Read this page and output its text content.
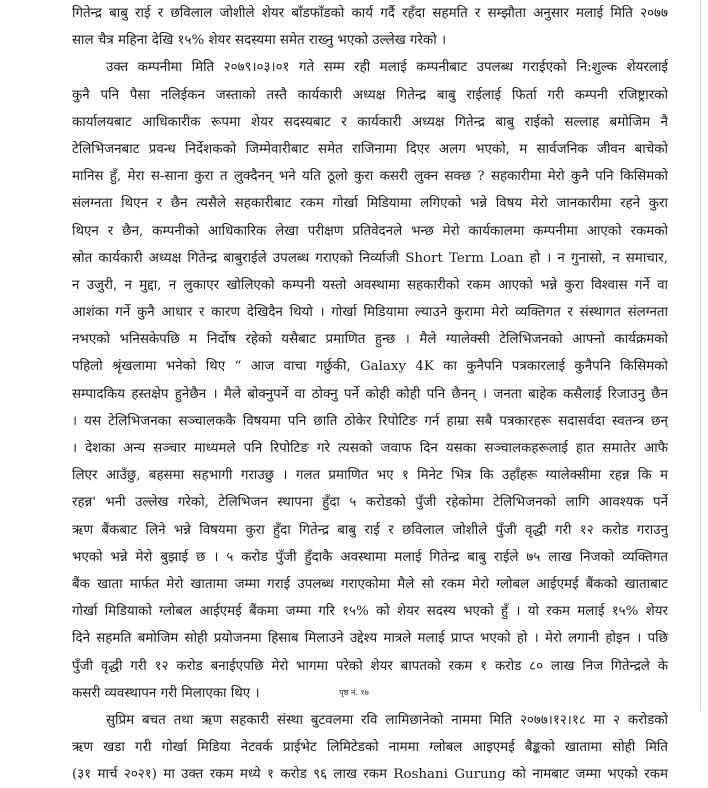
गितेन्द्र बाबु राई र छविलाल जोशीले शेयर बाँडफाँडको कार्य गर्दै रहँदा सहमति र सम्झौता अनुसार मलाई मिति २०७७
साल चैत्र महिना देखि १५% शेयर सदस्यमा समेत राख्नु भएको उल्लेख गरेको ।
उक्त कम्पनीमा मिति २०७९।०३।०१ गते सम्म रही मलाई कम्पनीबाट उपलब्ध गराईएको नि:शुल्क शेयरलाई
कुनै पनि पैसा नलिईकन जस्ताको तस्तै कार्यकारी अध्यक्ष गितेन्द्र बाबु राईलाई फिर्ता गरी कम्पनी रजिष्ट्रारको
कार्यालयबाट आधिकारीक रूपमा शेयर सदस्यबाट र कार्यकारी अध्यक्ष गितेन्द्र बाबु राईको सल्लाह बमोजिम नै
टेलिभिजनबाट प्रवन्ध निर्देशकको जिम्मेवारीबाट समेत राजिनामा दिएर अलग भएको, म सार्वजनिक जीवन बाचेको
मानिस हुँ, मेरा स-साना कुरा त लुक्दैनन् भने यति ठूलो कुरा कसरी लुक्न सक्छ ? सहकारीमा मेरो कुनै पनि किसिमको
संलग्नता थिएन र छैन त्यसैले सहकारीबाट रकम गोर्खा मिडियामा लगिएको भन्ने विषय मेरो जानकारीमा रहने कुरा
थिएन र छैन, कम्पनीको आधिकारिक लेखा परीक्षण प्रतिवेदनले भन्छ मेरो कार्यकालमा कम्पनीमा आएको रकमको
स्रोत कार्यकारी अध्यक्ष गितेन्द्र बाबुराईले उपलब्ध गराएको निर्व्याजी Short Term Loan हो । न गुनासो, न समाचार,
न उजुरी, न मुद्दा, न लुकाएर खोलिएको कम्पनी यस्तो अवस्थामा सहकारीको रकम आएको भन्ने कुरा विश्वास गर्ने वा
आशंका गर्ने कुनै आधार र कारण देखिदैन थियो । गोर्खा मिडियामा ल्याउने कुरामा मेरो व्यक्तिगत र संस्थागत संलग्नता
नभएको भनिसकेपछि म निर्दोष रहेको यसैबाट प्रमाणित हुन्छ । मैले ग्यालेक्सी टेलिभिजनको आफ्नो कार्यक्रमको
पहिलो श्रृंखलामा भनेको थिए “ आज वाचा गर्छुकी, Galaxy 4K का कुनैपनि पत्रकारलाई कुनैपनि किसिमको
सम्पादकिय हस्तक्षेप हुनेछैन । मैले बोक्नुपर्ने वा ठोक्नु पर्ने कोही कोही पनि छैनन् । जनता बाहेक कसैलाई रिजाउनु छैन
। यस टेलिभिजनका सञ्चालककै विषयमा पनि छाति ठोकेर रिपोटिङ गर्न हाम्रा सबै पत्रकारहरू सदासर्वदा स्वतन्त्र छन्
। देशका अन्य सञ्चार माध्यमले पनि रिपोटिङ गरे त्यसको जवाफ दिन यसका सञ्चालकहरूलाई हात समातेर आफै
लिएर आउँछु, बहसमा सहभागी गराउछु । गलत प्रमाणित भए १ मिनेट भित्र कि उहाँहरू ग्यालेक्सीमा रहन्न कि म
रहन्न' भनी उल्लेख गरेको, टेलिभिजन स्थापना हुँदा ५ करोडको पुँजी रहेकोमा टेलिभिजनको लागि आवश्यक पर्ने
ऋण बैंकबाट लिने भन्ने विषयमा कुरा हुँदा गितेन्द्र बाबु राई र छविलाल जोशीले पुँजी वृद्धी गरी १२ करोड गराउनु
भएको भन्ने मेरो बुझाई छ । ५ करोड पुँजी हुँदाकै अवस्थामा मलाई गितेन्द्र बाबु राईले ७५ लाख निजको व्यक्तिगत
बैंक खाता मार्फत मेरो खातामा जम्मा गराई उपलब्ध गराएकोमा मैले सो रकम मेरो ग्लोबल आईएमई बैंकको खाताबाट
गोर्खा मिडियाको ग्लोबल आईएमई बैंकमा जम्मा गरि १५% को शेयर सदस्य भएको हुँ । यो रकम मलाई १५% शेयर
दिने सहमति बमोजिम सोही प्रयोजनमा हिसाब मिलाउने उद्देश्य मात्रले मलाई प्राप्त भएको हो । मेरो लगानी होइन । पछि
पुँजी वृद्धी गरी १२ करोड बनाईएपछि मेरो भागमा परेको शेयर बापतको रकम १ करोड ८० लाख निज गितेन्द्रले के
कसरी व्यवस्थापन गरी मिलाएका थिए ।
सुप्रिम बचत तथा ऋण सहकारी संस्था बुटवलमा रवि लामिछानेको नाममा मिति २०७७।१२।१८ मा २ करोडको
ऋण खडा गरी गोर्खा मिडिया नेटवर्क प्राईभेट लिमिटेडको नाममा ग्लोबल आइएमई बैङ्कको खातामा सोही मिति
(३१ मार्च २०२१) मा उक्त रकम मध्ये १ करोड ९६ लाख रकम Roshani Gurung को नामबाट जम्मा भएको रकम
पृष्ठ नं. १७
